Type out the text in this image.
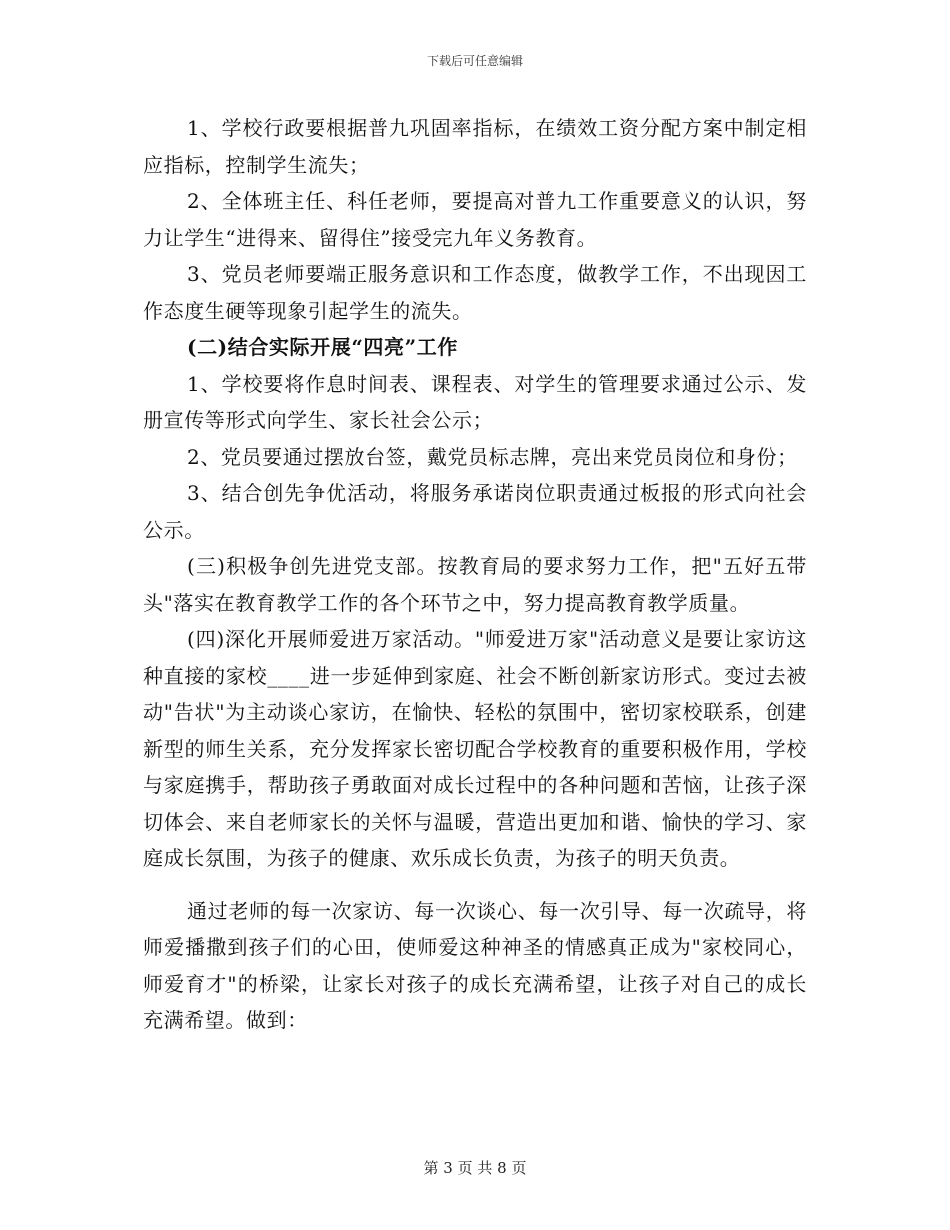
下载后可任意编辑

1、学校行政要根据普九巩固率指标，在绩效工资分配方案中制定相应指标，控制学生流失；

2、全体班主任、科任老师，要提高对普九工作重要意义的认识，努力让学生“进得来、留得住”接受完九年义务教育。

3、党员老师要端正服务意识和工作态度，做教学工作，不出现因工作态度生硬等现象引起学生的流失。

(二)结合实际开展“四亮”工作

1、学校要将作息时间表、课程表、对学生的管理要求通过公示、发册宣传等形式向学生、家长社会公示；

2、党员要通过摆放台签，戴党员标志牌，亮出来党员岗位和身份；

3、结合创先争优活动，将服务承诺岗位职责通过板报的形式向社会公示。

(三)积极争创先进党支部。按教育局的要求努力工作，把"五好五带头"落实在教育教学工作的各个环节之中，努力提高教育教学质量。

(四)深化开展师爱进万家活动。"师爱进万家"活动意义是要让家访这种直接的家校____进一步延伸到家庭、社会不断创新家访形式。变过去被动"告状"为主动谈心家访，在愉快、轻松的氛围中，密切家校联系，创建新型的师生关系，充分发挥家长密切配合学校教育的重要积极作用，学校与家庭携手，帮助孩子勇敢面对成长过程中的各种问题和苦恼，让孩子深切体会、来自老师家长的关怀与温暖，营造出更加和谐、愉快的学习、家庭成长氛围，为孩子的健康、欢乐成长负责，为孩子的明天负责。

通过老师的每一次家访、每一次谈心、每一次引导、每一次疏导，将师爱播撒到孩子们的心田，使师爱这种神圣的情感真正成为"家校同心，师爱育才"的桥梁，让家长对孩子的成长充满希望，让孩子对自己的成长充满希望。做到：

第 3 页 共 8 页
